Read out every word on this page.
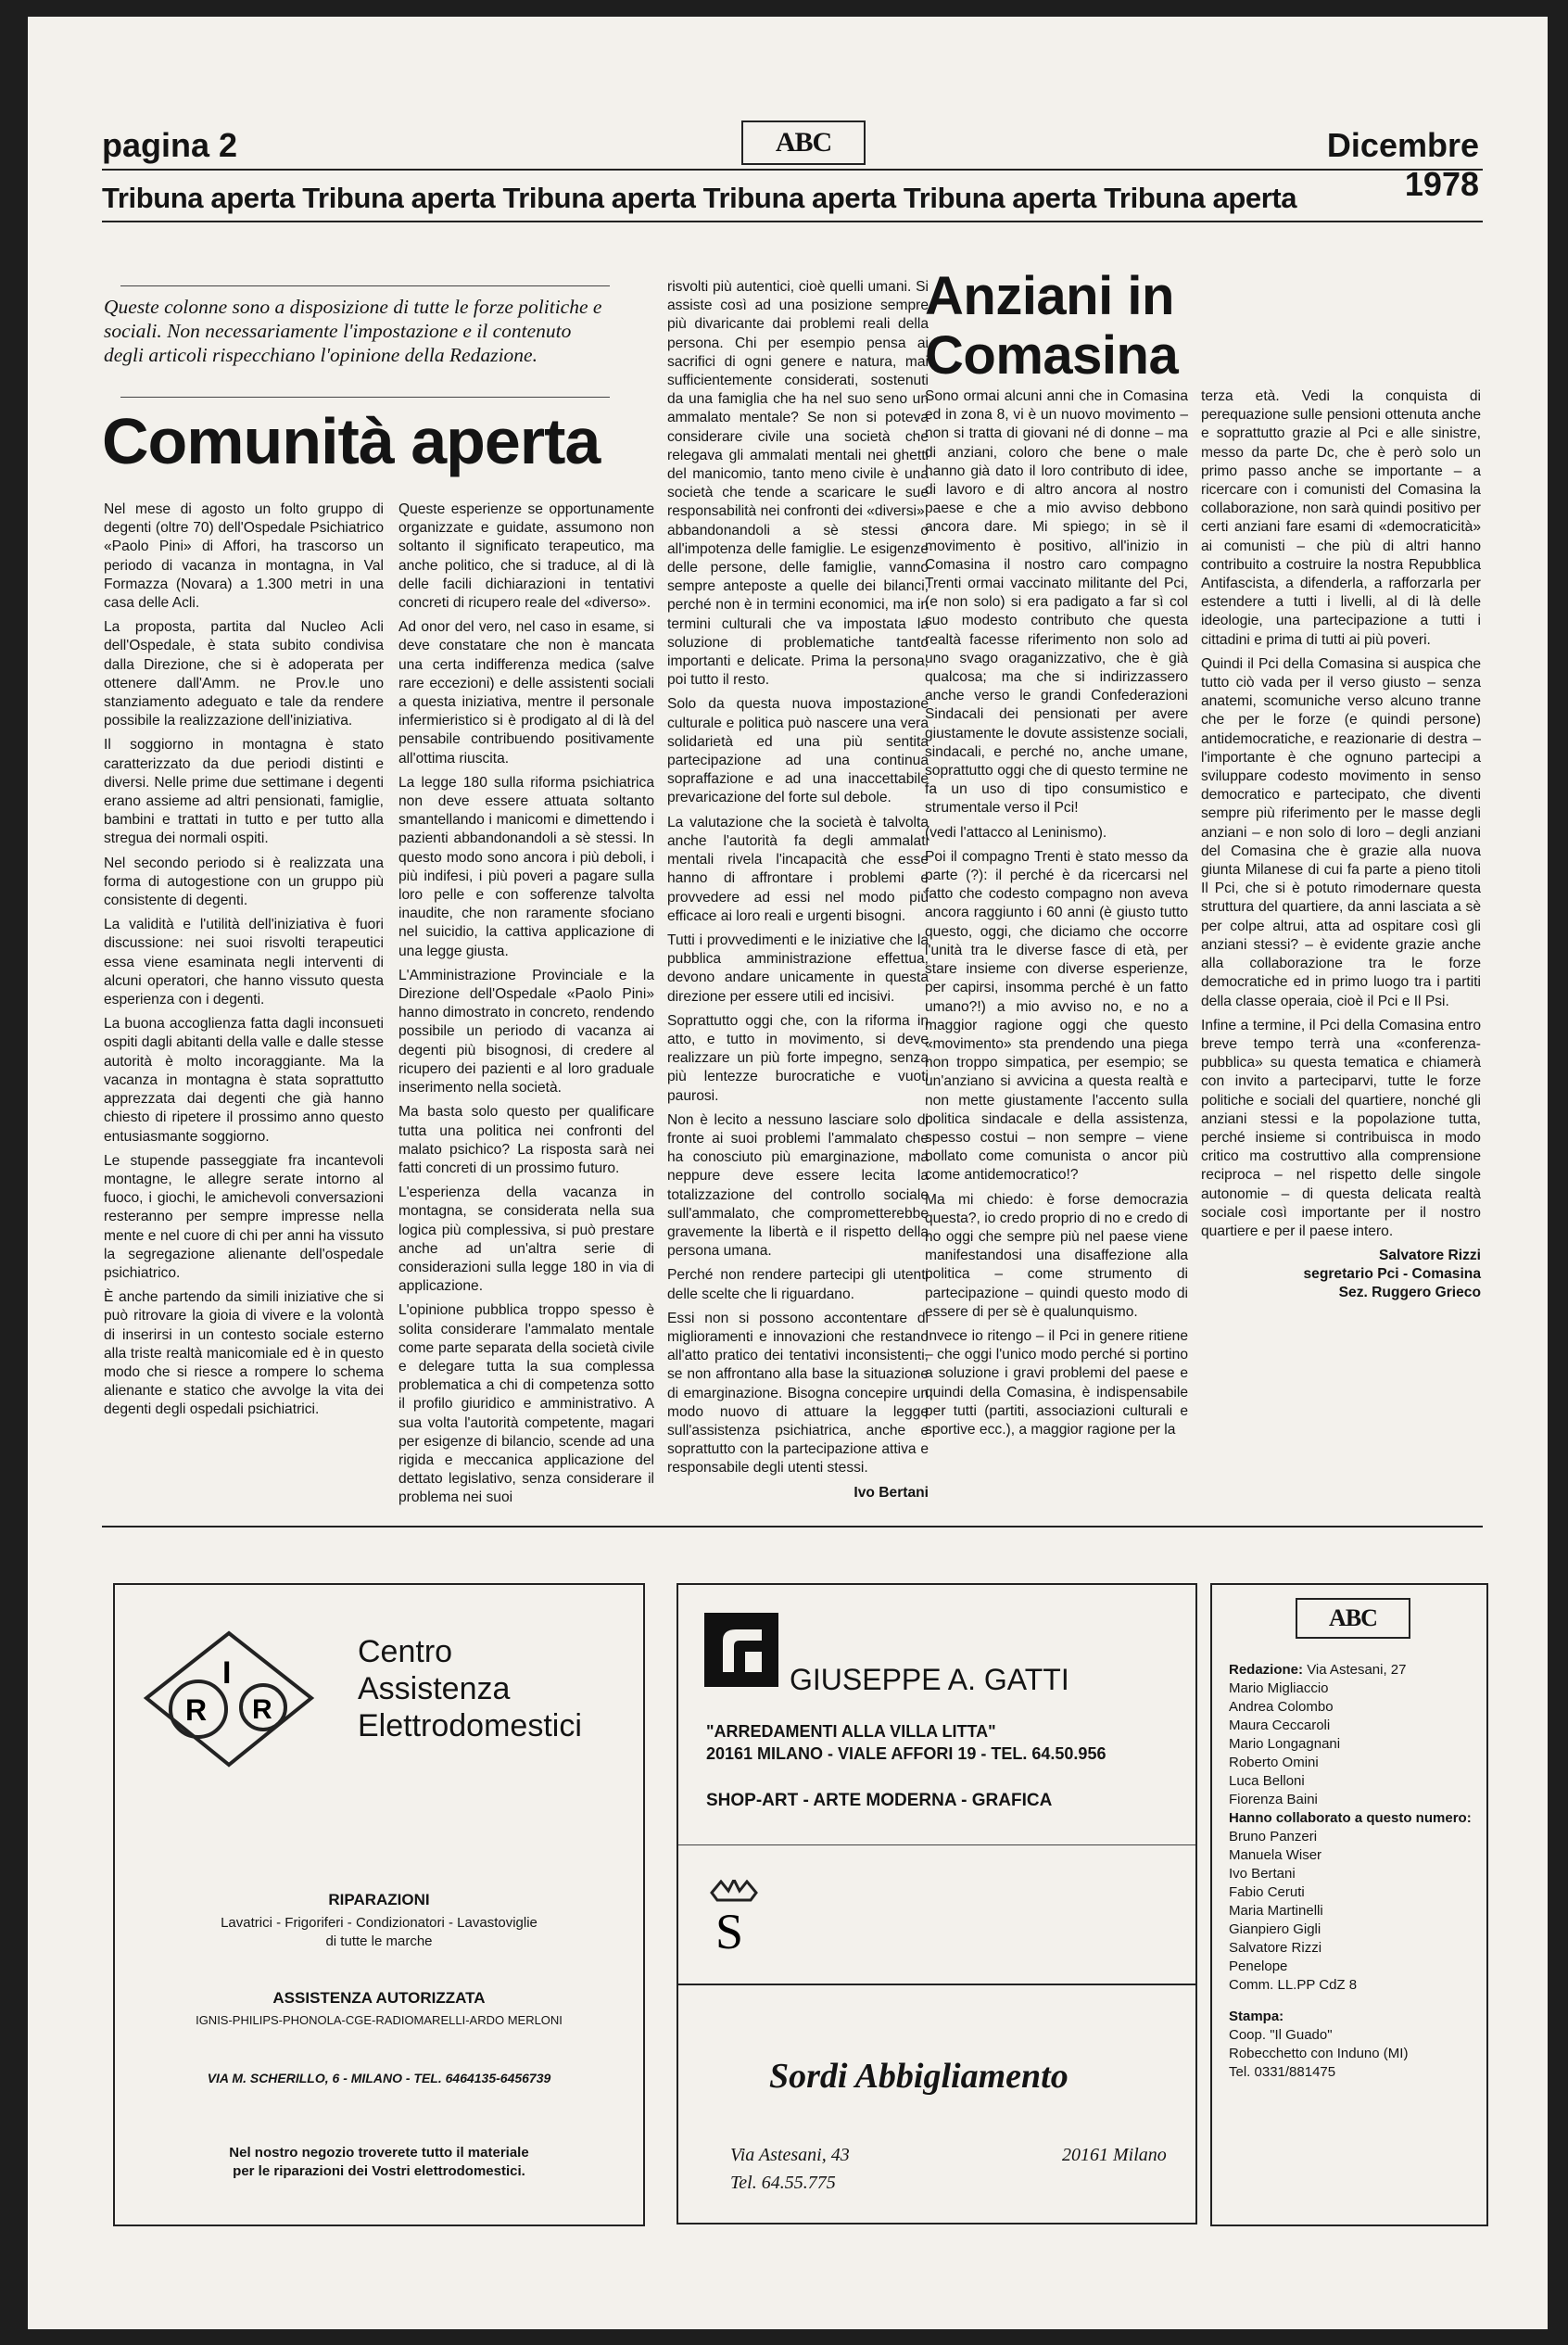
pagina 2	ABC	Dicembre 1978
Tribuna aperta Tribuna aperta Tribuna aperta Tribuna aperta Tribuna aperta Tribuna aperta
Queste colonne sono a disposizione di tutte le forze politiche e sociali. Non necessariamente l'impostazione e il contenuto degli articoli rispecchiano l'opinione della Redazione.
Comunità aperta

Nel mese di agosto un folto gruppo di degenti (oltre 70) dell'Ospedale Psichiatrico «Paolo Pini» di Affori, ha trascorso un periodo di vacanza in montagna, in Val Formazza (Novara) a 1.300 metri in una casa delle Acli.

La proposta, partita dal Nucleo Acli dell'Ospedale, è stata subito condivisa dalla Direzione, che si è adoperata per ottenere dall'Amm. ne Prov.le uno stanziamento adeguato e tale da rendere possibile la realizzazione dell'iniziativa.

Il soggiorno in montagna è stato caratterizzato da due periodi distinti e diversi. Nelle prime due settimane i degenti erano assieme ad altri pensionati, famiglie, bambini e trattati in tutto e per tutto alla stregua dei normali ospiti.

Nel secondo periodo si è realizzata una forma di autogestione con un gruppo più consistente di degenti.

La validità e l'utilità dell'iniziativa è fuori discussione: nei suoi risvolti terapeutici essa viene esaminata negli interventi di alcuni operatori, che hanno vissuto questa esperienza con i degenti.

La buona accoglienza fatta dagli inconsueti ospiti dagli abitanti della valle e dalle stesse autorità è molto incoraggiante. Ma la vacanza in montagna è stata soprattutto apprezzata dai degenti che già hanno chiesto di ripetere il prossimo anno questo entusiasmante soggiorno.

Le stupende passeggiate fra incantevoli montagne, le allegre serate intorno al fuoco, i giochi, le amichevoli conversazioni resteranno per sempre impresse nella mente e nel cuore di chi per anni ha vissuto la segregazione alienante dell'ospedale psichiatrico.

È anche partendo da simili iniziative che si può ritrovare la gioia di vivere e la volontà di inserirsi in un contesto sociale esterno alla triste realtà manicomiale ed è in questo modo che si riesce a rompere lo schema alienante e statico che avvolge la vita dei degenti degli ospedali psichiatrici.

Queste esperienze se opportunamente organizzate e guidate, assumono non soltanto il significato terapeutico, ma anche politico, che si traduce, al di là delle facili dichiarazioni in tentativi concreti di ricupero reale del «diverso».

Ad onor del vero, nel caso in esame, si deve constatare che non è mancata una certa indifferenza medica (salve rare eccezioni) e delle assistenti sociali a questa iniziativa, mentre il personale infermieristico si è prodigato al di là del pensabile contribuendo positivamente all'ottima riuscita.

La legge 180 sulla riforma psichiatrica non deve essere attuata soltanto smantellando i manicomi e dimettendo i pazienti abbandonandoli a sè stessi. In questo modo sono ancora i più deboli, i più indifesi, i più poveri a pagare sulla loro pelle e con sofferenze talvolta inaudite, che non raramente sfociano nel suicidio, la cattiva applicazione di una legge giusta.

L'Amministrazione Provinciale e la Direzione dell'Ospedale «Paolo Pini» hanno dimostrato in concreto, rendendo possibile un periodo di vacanza ai degenti più bisognosi, di credere al ricupero dei pazienti e al loro graduale inserimento nella società.

Ma basta solo questo per qualificare tutta una politica nei confronti del malato psichico? La risposta sarà nei fatti concreti di un prossimo futuro.

L'esperienza della vacanza in montagna, se considerata nella sua logica più complessiva, si può prestare anche ad un'altra serie di considerazioni sulla legge 180 in via di applicazione.

L'opinione pubblica troppo spesso è solita considerare l'ammalato mentale come parte separata della società civile e delegare tutta la sua complessa problematica a chi di competenza sotto il profilo giuridico e amministrativo. A sua volta l'autorità competente, magari per esigenze di bilancio, scende ad una rigida e meccanica applicazione del dettato legislativo, senza considerare il problema nei suoi

risvolti più autentici, cioè quelli umani. Si assiste così ad una posizione sempre più divaricante dai problemi reali della persona. Chi per esempio pensa ai sacrifici di ogni genere e natura, mai sufficientemente considerati, sostenuti da una famiglia che ha nel suo seno un ammalato mentale? Se non si poteva considerare civile una società che relegava gli ammalati mentali nei ghetti del manicomio, tanto meno civile è una società che tende a scaricare le sue responsabilità nei confronti dei «diversi», abbandonandoli a sè stessi o all'impotenza delle famiglie. Le esigenze delle persone, delle famiglie, vanno sempre anteposte a quelle dei bilanci, perché non è in termini economici, ma in termini culturali che va impostata la soluzione di problematiche tanto importanti e delicate. Prima la persona, poi tutto il resto.

Solo da questa nuova impostazione culturale e politica può nascere una vera solidarietà ed una più sentita partecipazione ad una continua sopraffazione e ad una inaccettabile prevaricazione del forte sul debole.

La valutazione che la società è talvolta anche l'autorità fa degli ammalati mentali rivela l'incapacità che esse hanno di affrontare i problemi e provvedere ad essi nel modo più efficace ai loro reali e urgenti bisogni.

Tutti i provvedimenti e le iniziative che la pubblica amministrazione effettua, devono andare unicamente in questa direzione per essere utili ed incisivi.

Soprattutto oggi che, con la riforma in atto, e tutto in movimento, si deve realizzare un più forte impegno, senza più lentezze burocratiche e vuoti paurosi.

Non è lecito a nessuno lasciare solo di fronte ai suoi problemi l'ammalato che ha conosciuto più emarginazione, ma neppure deve essere lecita la totalizzazione del controllo sociale sull'ammalato, che comprometterebbe gravemente la libertà e il rispetto della persona umana.

Perché non rendere partecipi gli utenti delle scelte che li riguardano.

Essi non si possono accontentare di miglioramenti e innovazioni che restano all'atto pratico dei tentativi inconsistenti, se non affrontano alla base la situazione di emarginazione. Bisogna concepire un modo nuovo di attuare la legge sull'assistenza psichiatrica, anche e soprattutto con la partecipazione attiva e responsabile degli utenti stessi.

Ivo Bertani
Anziani in Comasina

Sono ormai alcuni anni che in Comasina ed in zona 8, vi è un nuovo movimento – non si tratta di giovani né di donne – ma di anziani, coloro che bene o male hanno già dato il loro contributo di idee, di lavoro e di altro ancora al nostro paese e che a mio avviso debbono ancora dare. Mi spiego; in sè il movimento è positivo, all'inizio in Comasina il nostro caro compagno Trenti ormai vaccinato militante del Pci, (e non solo) si era padigato a far sì col suo modesto contributo che questa realtà facesse riferimento non solo ad uno svago oraganizzativo, che è già qualcosa; ma che si indirizzassero anche verso le grandi Confederazioni Sindacali dei pensionati per avere giustamente le dovute assistenze sociali, sindacali, e perché no, anche umane, soprattutto oggi che di questo termine ne fa un uso di tipo consumistico e strumentale verso il Pci!

(vedi l'attacco al Leninismo).

Poi il compagno Trenti è stato messo da parte (?): il perché è da ricercarsi nel fatto che codesto compagno non aveva ancora raggiunto i 60 anni (è giusto tutto questo, oggi, che diciamo che occorre l'unità tra le diverse fasce di età, per stare insieme con diverse esperienze, per capirsi, insomma perché è un fatto umano?!) a mio avviso no, e no a maggior ragione oggi che questo «movimento» sta prendendo una piega non troppo simpatica, per esempio; se un'anziano si avvicina a questa realtà e non mette giustamente l'accento sulla politica sindacale e della assistenza, spesso costui – non sempre – viene bollato come comunista o ancor più come antidemocratico!?

Ma mi chiedo: è forse democrazia questa?, io credo proprio di no e credo di no oggi che sempre più nel paese viene manifestandosi una disaffezione alla politica – come strumento di partecipazione – quindi questo modo di essere di per sè è qualunquismo.

Invece io ritengo – il Pci in genere ritiene – che oggi l'unico modo perché si portino a soluzione i gravi problemi del paese e quindi della Comasina, è indispensabile per tutti (partiti, associazioni culturali e sportive ecc.), a maggior ragione per la

terza età. Vedi la conquista di perequazione sulle pensioni ottenuta anche e soprattutto grazie al Pci e alle sinistre, messo da parte Dc, che è però solo un primo passo anche se importante – a ricercare con i comunisti del Comasina la collaborazione, non sarà quindi positivo per certi anziani fare esami di «democraticità» ai comunisti – che più di altri hanno contribuito a costruire la nostra Repubblica Antifascista, a difenderla, a rafforzarla per estendere a tutti i livelli, al di là delle ideologie, una partecipazione a tutti i cittadini e prima di tutti ai più poveri.

Quindi il Pci della Comasina si auspica che tutto ciò vada per il verso giusto – senza anatemi, scomuniche verso alcuno tranne che per le forze (e quindi persone) antidemocratiche, e reazionarie di destra – l'importante è che ognuno partecipi a sviluppare codesto movimento in senso democratico e partecipato, che diventi sempre più riferimento per le masse degli anziani – e non solo di loro – degli anziani del Comasina che è grazie alla nuova giunta Milanese di cui fa parte a pieno titoli Il Pci, che si è potuto rimodernare questa struttura del quartiere, da anni lasciata a sè per colpe altrui, atta ad ospitare così gli anziani stessi? – è evidente grazie anche alla collaborazione tra le forze democratiche ed in primo luogo tra i partiti della classe operaia, cioè il Pci e Il Psi.

Infine a termine, il Pci della Comasina entro breve tempo terrà una «conferenza-pubblica» su questa tematica e chiamerà con invito a parteciparvi, tutte le forze politiche e sociali del quartiere, nonché gli anziani stessi e la popolazione tutta, perché insieme si contribuisca in modo critico ma costruttivo alla comprensione reciproca – nel rispetto delle singole autonomie – di questa delicata realtà sociale così importante per il nostro quartiere e per il paese intero.

Salvatore Rizzi
segretario Pci - Comasina
Sez. Ruggero Grieco
I
R R
Centro
Assistenza
Elettrodomestici
RIPARAZIONI
Lavatrici - Frigoriferi - Condizionatori - Lavastoviglie
di tutte le marche
ASSISTENZA AUTORIZZATA
IGNIS-PHILIPS-PHONOLA-CGE-RADIOMARELLI-ARDO MERLONI
VIA M. SCHERILLO, 6 - MILANO - TEL. 6464135-6456739
Nel nostro negozio troverete tutto il materiale
per le riparazioni dei Vostri elettrodomestici.
GIUSEPPE A. GATTI
"ARREDAMENTI ALLA VILLA LITTA"
20161 MILANO - VIALE AFFORI 19 - TEL. 64.50.956
SHOP-ART - ARTE MODERNA - GRAFICA
S
Sordi Abbigliamento
Via Astesani, 43	20161 Milano
Tel. 64.55.775
ABC
Redazione: Via Astesani, 27
Mario Migliaccio
Andrea Colombo
Maura Ceccaroli
Mario Longagnani
Roberto Omini
Luca Belloni
Fiorenza Baini
Hanno collaborato a questo numero:
Bruno Panzeri
Manuela Wiser
Ivo Bertani
Fabio Ceruti
Maria Martinelli
Gianpiero Gigli
Salvatore Rizzi
Penelope
Comm. LL.PP CdZ 8
Stampa:
Coop. "Il Guado"
Robecchetto con Induno (MI)
Tel. 0331/881475
